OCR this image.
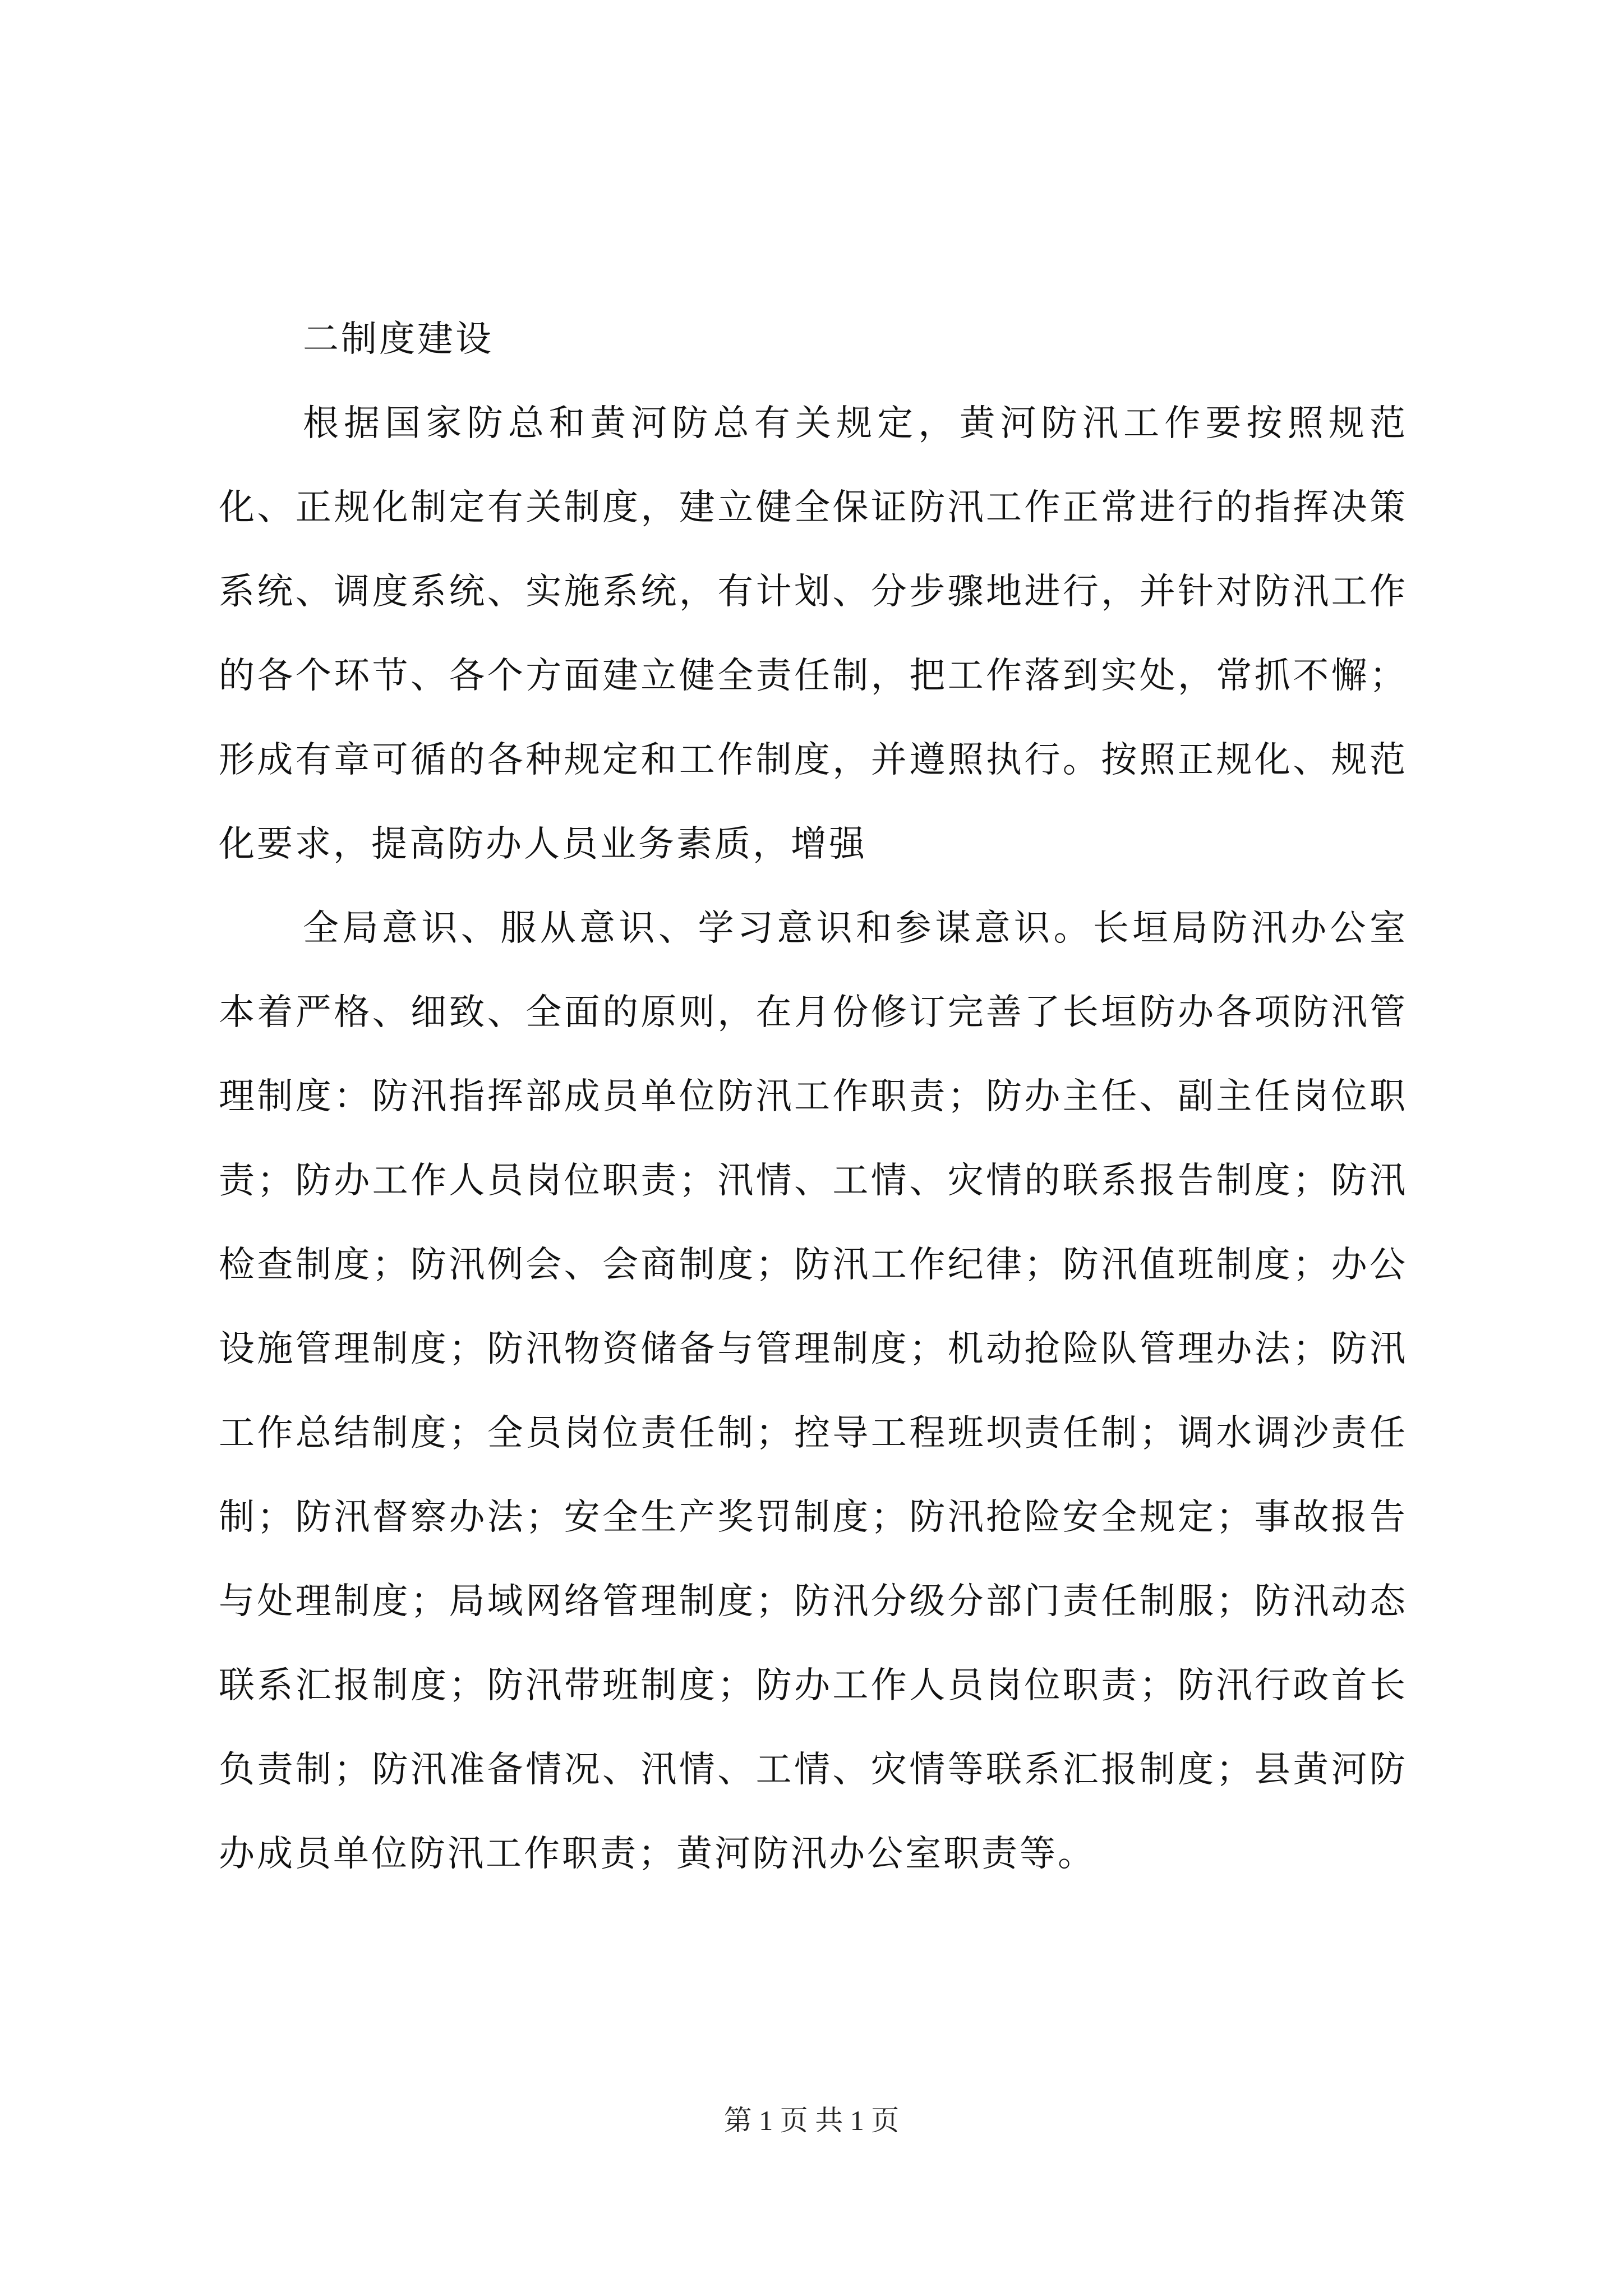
二制度建设

根据国家防总和黄河防总有关规定，黄河防汛工作要按照规范化、正规化制定有关制度，建立健全保证防汛工作正常进行的指挥决策系统、调度系统、实施系统，有计划、分步骤地进行，并针对防汛工作的各个环节、各个方面建立健全责任制，把工作落到实处，常抓不懈；形成有章可循的各种规定和工作制度，并遵照执行。按照正规化、规范化要求，提高防办人员业务素质，增强

全局意识、服从意识、学习意识和参谋意识。长垣局防汛办公室本着严格、细致、全面的原则，在月份修订完善了长垣防办各项防汛管理制度：防汛指挥部成员单位防汛工作职责；防办主任、副主任岗位职责；防办工作人员岗位职责；汛情、工情、灾情的联系报告制度；防汛检查制度；防汛例会、会商制度；防汛工作纪律；防汛值班制度；办公设施管理制度；防汛物资储备与管理制度；机动抢险队管理办法；防汛工作总结制度；全员岗位责任制；控导工程班坝责任制；调水调沙责任制；防汛督察办法；安全生产奖罚制度；防汛抢险安全规定；事故报告与处理制度；局域网络管理制度；防汛分级分部门责任制服；防汛动态联系汇报制度；防汛带班制度；防办工作人员岗位职责；防汛行政首长负责制；防汛准备情况、汛情、工情、灾情等联系汇报制度；县黄河防办成员单位防汛工作职责；黄河防汛办公室职责等。

第 1 页 共 1 页
